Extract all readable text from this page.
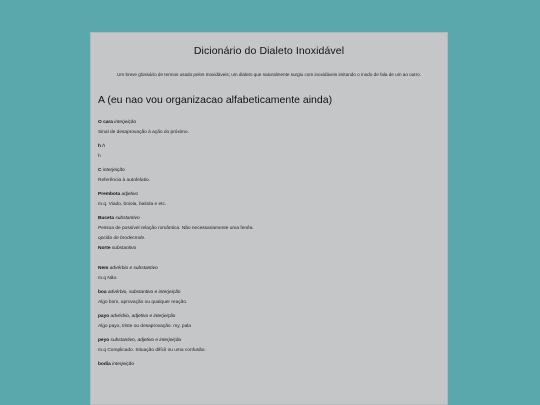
Dicionário do Dialeto Inoxidável
Um breve glossário de termos usado pelos Inoxidáveis; um dialeto que naturalmente surgiu com inoxidáveis imitando o modo de fala de um ao outro.
A (eu nao vou organizacao alfabeticamente ainda)
O cara interjeição
Sinal de desaprovação à ação do próximo.
h h
h
C interjeição
Referência à autofelatio.
Prembota adjetivo
m.q. Viado, boiola, baitola e etc.
Buceta substantivo
Pessoa de possível relação romântica. Não necessariamente uma fenêa.
opcião de brodecmde.
Norte substantivo
Nem advérbio e substantivo
m.q Não.
boa advérbio, substantivo e interjeição
Algo bom, aprovação ou qualquer reação.
payo advérbio, adjetivo e interjeição
Algo payo, triste ou desaprovação. my, pala
peyo substantivo, adjetivo e interjeição
m.q Complicado. Situação difícil ou uma confusão.
bodia interjeição
